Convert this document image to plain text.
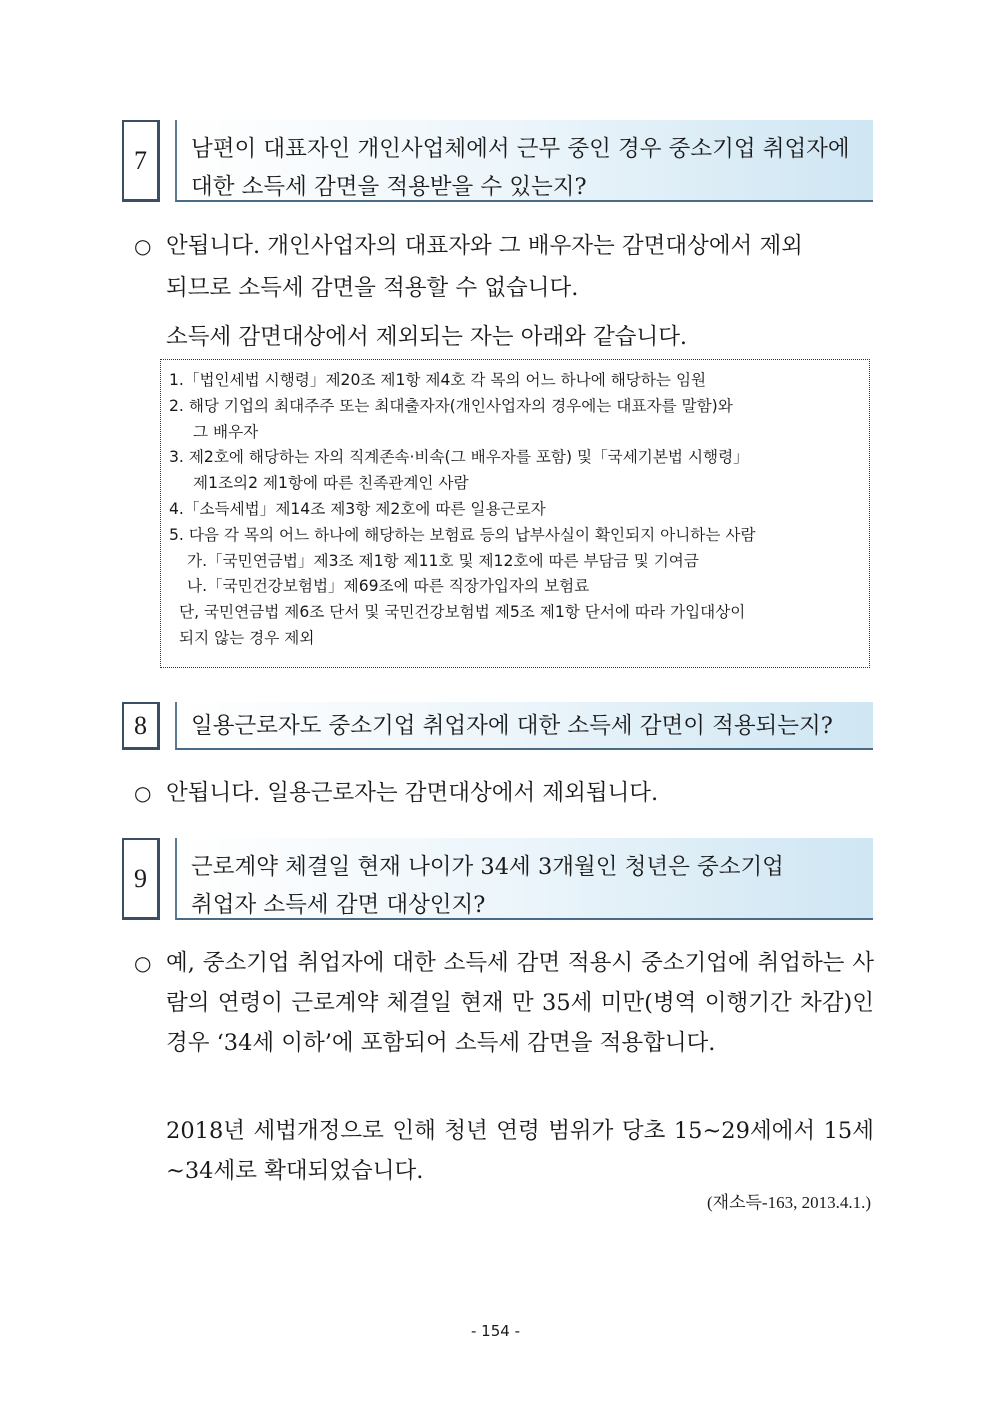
7 남편이 대표자인 개인사업체에서 근무 중인 경우 중소기업 취업자에
대한 소득세 감면을 적용받을 수 있는지?
○ 안됩니다. 개인사업자의 대표자와 그 배우자는 감면대상에서 제외
되므로 소득세 감면을 적용할 수 없습니다.
소득세 감면대상에서 제외되는 자는 아래와 같습니다.
1.「법인세법 시행령」제20조 제1항 제4호 각 목의 어느 하나에 해당하는 임원
2. 해당 기업의 최대주주 또는 최대출자자(개인사업자의 경우에는 대표자를 말함)와
그 배우자
3. 제2호에 해당하는 자의 직계존속·비속(그 배우자를 포함) 및「국세기본법 시행령」
제1조의2 제1항에 따른 친족관계인 사람
4.「소득세법」제14조 제3항 제2호에 따른 일용근로자
5. 다음 각 목의 어느 하나에 해당하는 보험료 등의 납부사실이 확인되지 아니하는 사람
가.「국민연금법」제3조 제1항 제11호 및 제12호에 따른 부담금 및 기여금
나.「국민건강보험법」제69조에 따른 직장가입자의 보험료
단, 국민연금법 제6조 단서 및 국민건강보험법 제5조 제1항 단서에 따라 가입대상이
되지 않는 경우 제외
8 일용근로자도 중소기업 취업자에 대한 소득세 감면이 적용되는지?
○ 안됩니다. 일용근로자는 감면대상에서 제외됩니다.
9 근로계약 체결일 현재 나이가 34세 3개월인 청년은 중소기업
취업자 소득세 감면 대상인지?
○ 예, 중소기업 취업자에 대한 소득세 감면 적용시 중소기업에 취업하는 사람의 연령이 근로계약 체결일 현재 만 35세 미만(병역 이행기간 차감)인 경우 ‘34세 이하’에 포함되어 소득세 감면을 적용합니다.
2018년 세법개정으로 인해 청년 연령 범위가 당초 15~29세에서 15세~34세로 확대되었습니다.
(재소득-163, 2013.4.1.)
- 154 -
